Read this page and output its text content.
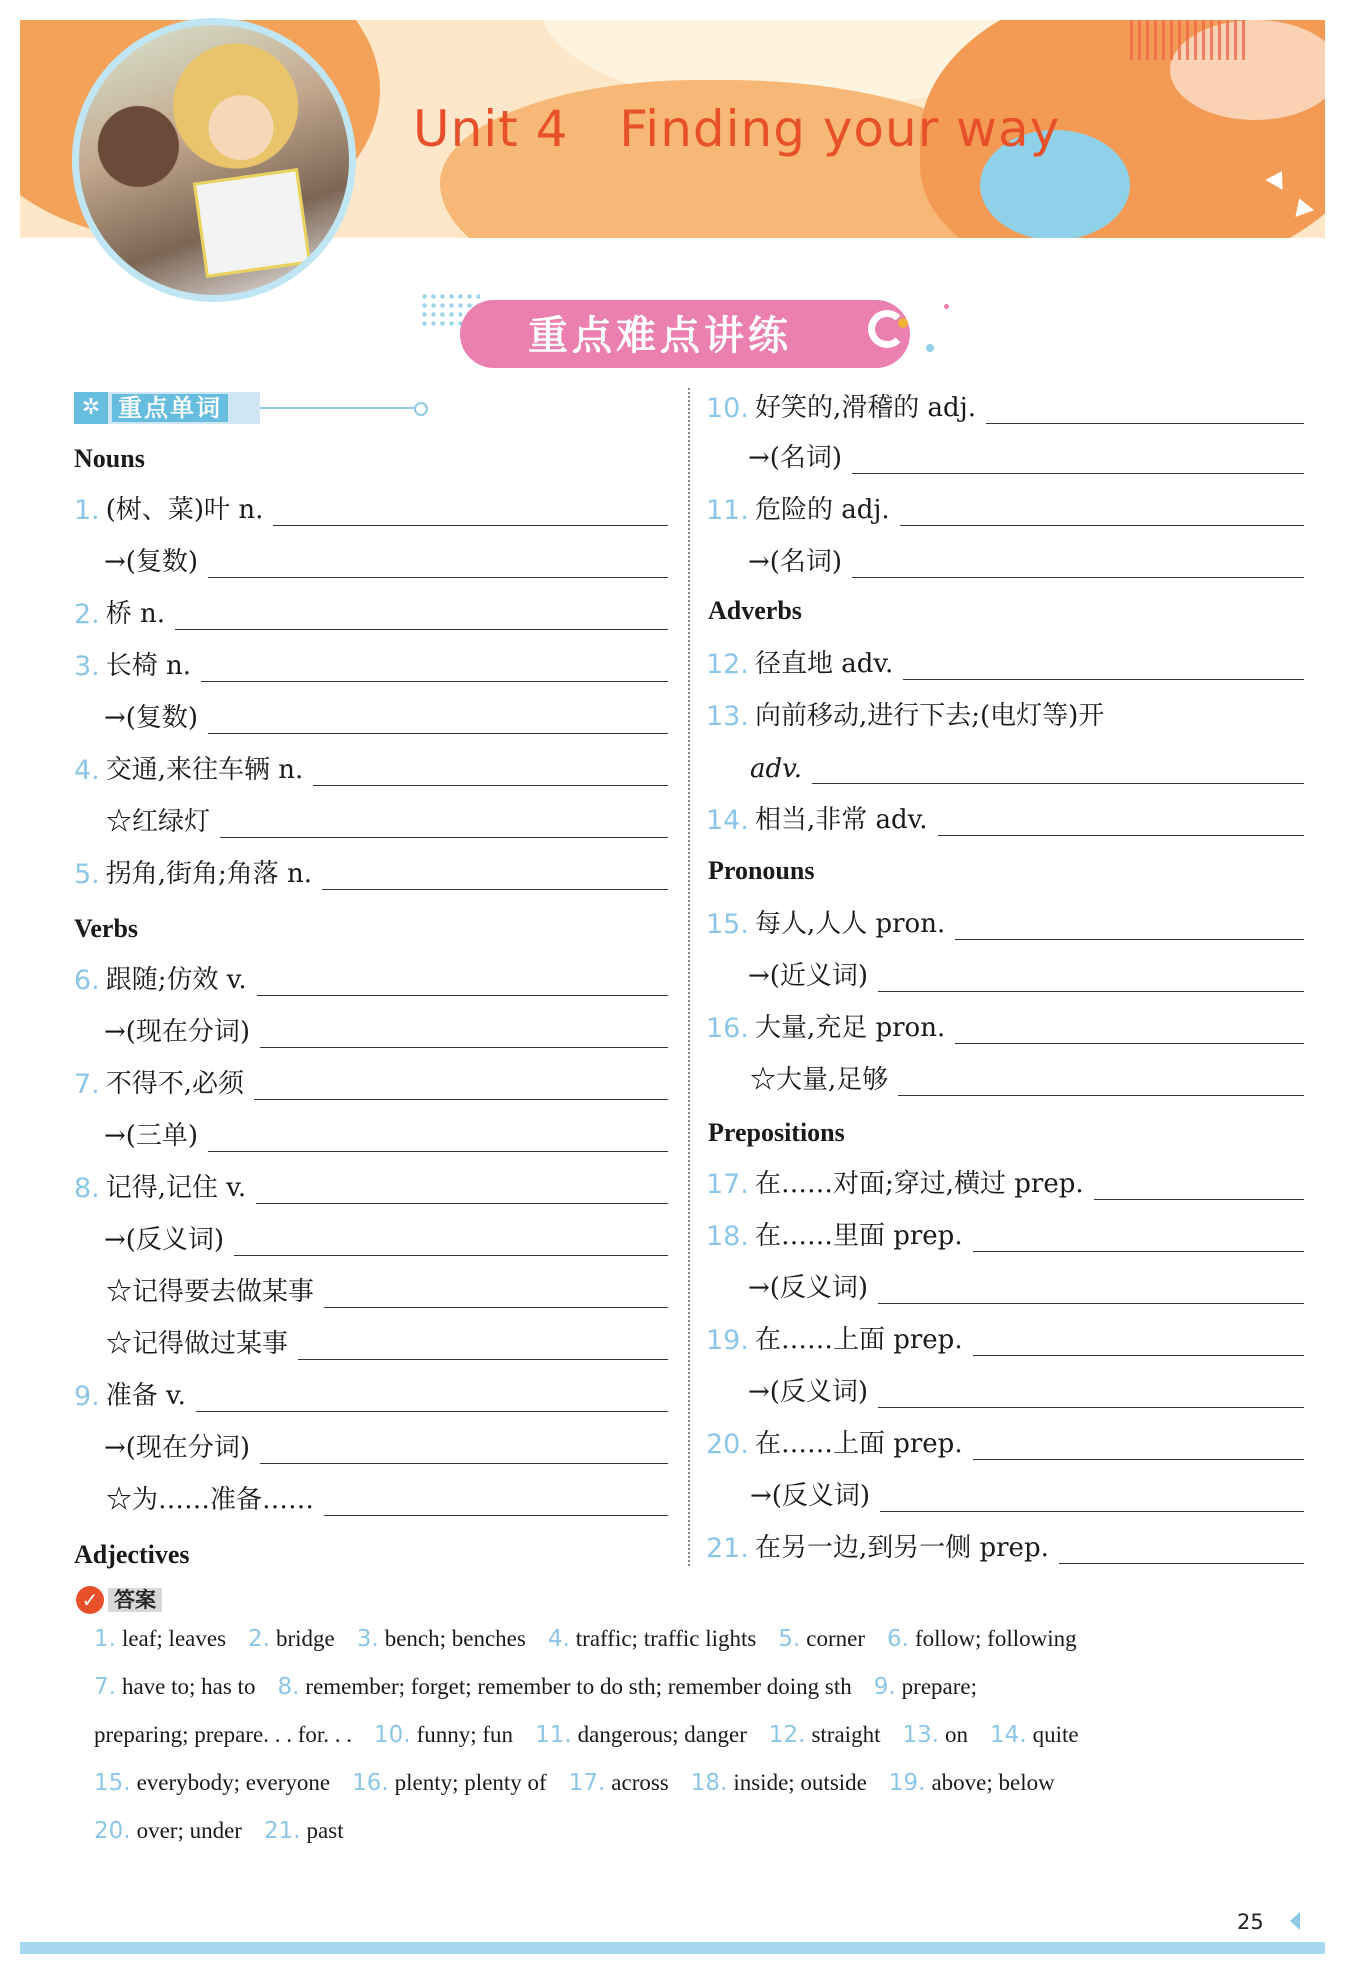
Unit 4 Finding your way
重点难点讲练
✲ 重点单词
Nouns
Verbs
Adjectives
1. (树、菜)叶 n.
→(复数)
2. 桥 n.
3. 长椅 n.
→(复数)
4. 交通,来往车辆 n.
☆红绿灯
5. 拐角,街角;角落 n.
6. 跟随;仿效 v.
→(现在分词)
7. 不得不,必须
→(三单)
8. 记得,记住 v.
→(反义词)
☆记得要去做某事
☆记得做过某事
9. 准备 v.
→(现在分词)
☆为……准备……
Adverbs
Pronouns
Prepositions
10. 好笑的,滑稽的 adj.
→(名词)
11. 危险的 adj.
→(名词)
12. 径直地 adv.
13. 向前移动,进行下去;(电灯等)开
adv.
14. 相当,非常 adv.
15. 每人,人人 pron.
→(近义词)
16. 大量,充足 pron.
☆大量,足够
17. 在……对面;穿过,横过 prep.
18. 在……里面 prep.
→(反义词)
19. 在……上面 prep.
→(反义词)
20. 在……上面 prep.
→(反义词)
21. 在另一边,到另一侧 prep.
✓ 答案
1. leaf; leaves 2. bridge 3. bench; benches 4. traffic; traffic lights 5. corner 6. follow; following
7. have to; has to 8. remember; forget; remember to do sth; remember doing sth 9. prepare;
preparing; prepare. . . for. . . 10. funny; fun 11. dangerous; danger 12. straight 13. on 14. quite
15. everybody; everyone 16. plenty; plenty of 17. across 18. inside; outside 19. above; below
20. over; under 21. past
25
